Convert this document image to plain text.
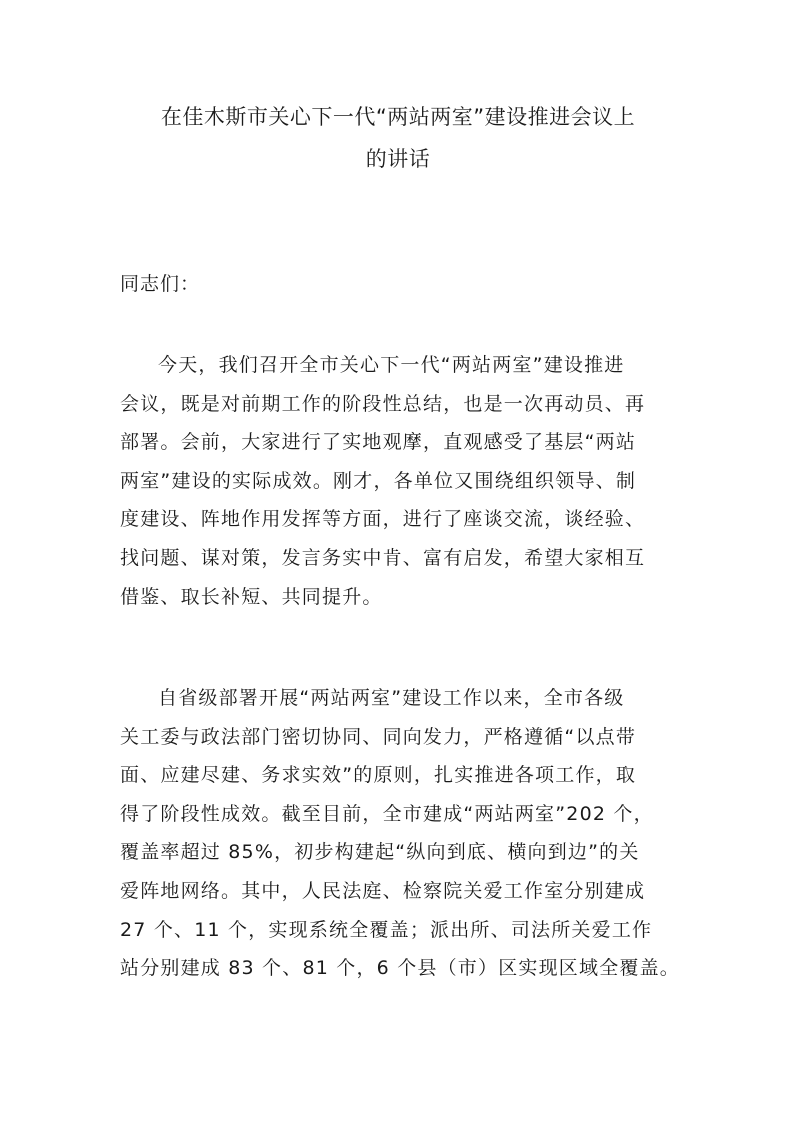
在佳木斯市关心下一代“两站两室”建设推进会议上
的讲话
同志们：
今天，我们召开全市关心下一代“两站两室”建设推进
会议，既是对前期工作的阶段性总结，也是一次再动员、再
部署。会前，大家进行了实地观摩，直观感受了基层“两站
两室”建设的实际成效。刚才，各单位又围绕组织领导、制
度建设、阵地作用发挥等方面，进行了座谈交流，谈经验、
找问题、谋对策，发言务实中肯、富有启发，希望大家相互
借鉴、取长补短、共同提升。
自省级部署开展“两站两室”建设工作以来，全市各级
关工委与政法部门密切协同、同向发力，严格遵循“以点带
面、应建尽建、务求实效”的原则，扎实推进各项工作，取
得了阶段性成效。截至目前，全市建成“两站两室”202 个，
覆盖率超过 85%，初步构建起“纵向到底、横向到边”的关
爱阵地网络。其中，人民法庭、检察院关爱工作室分别建成
27 个、11 个，实现系统全覆盖；派出所、司法所关爱工作
站分别建成 83 个、81 个，6 个县（市）区实现区域全覆盖。
